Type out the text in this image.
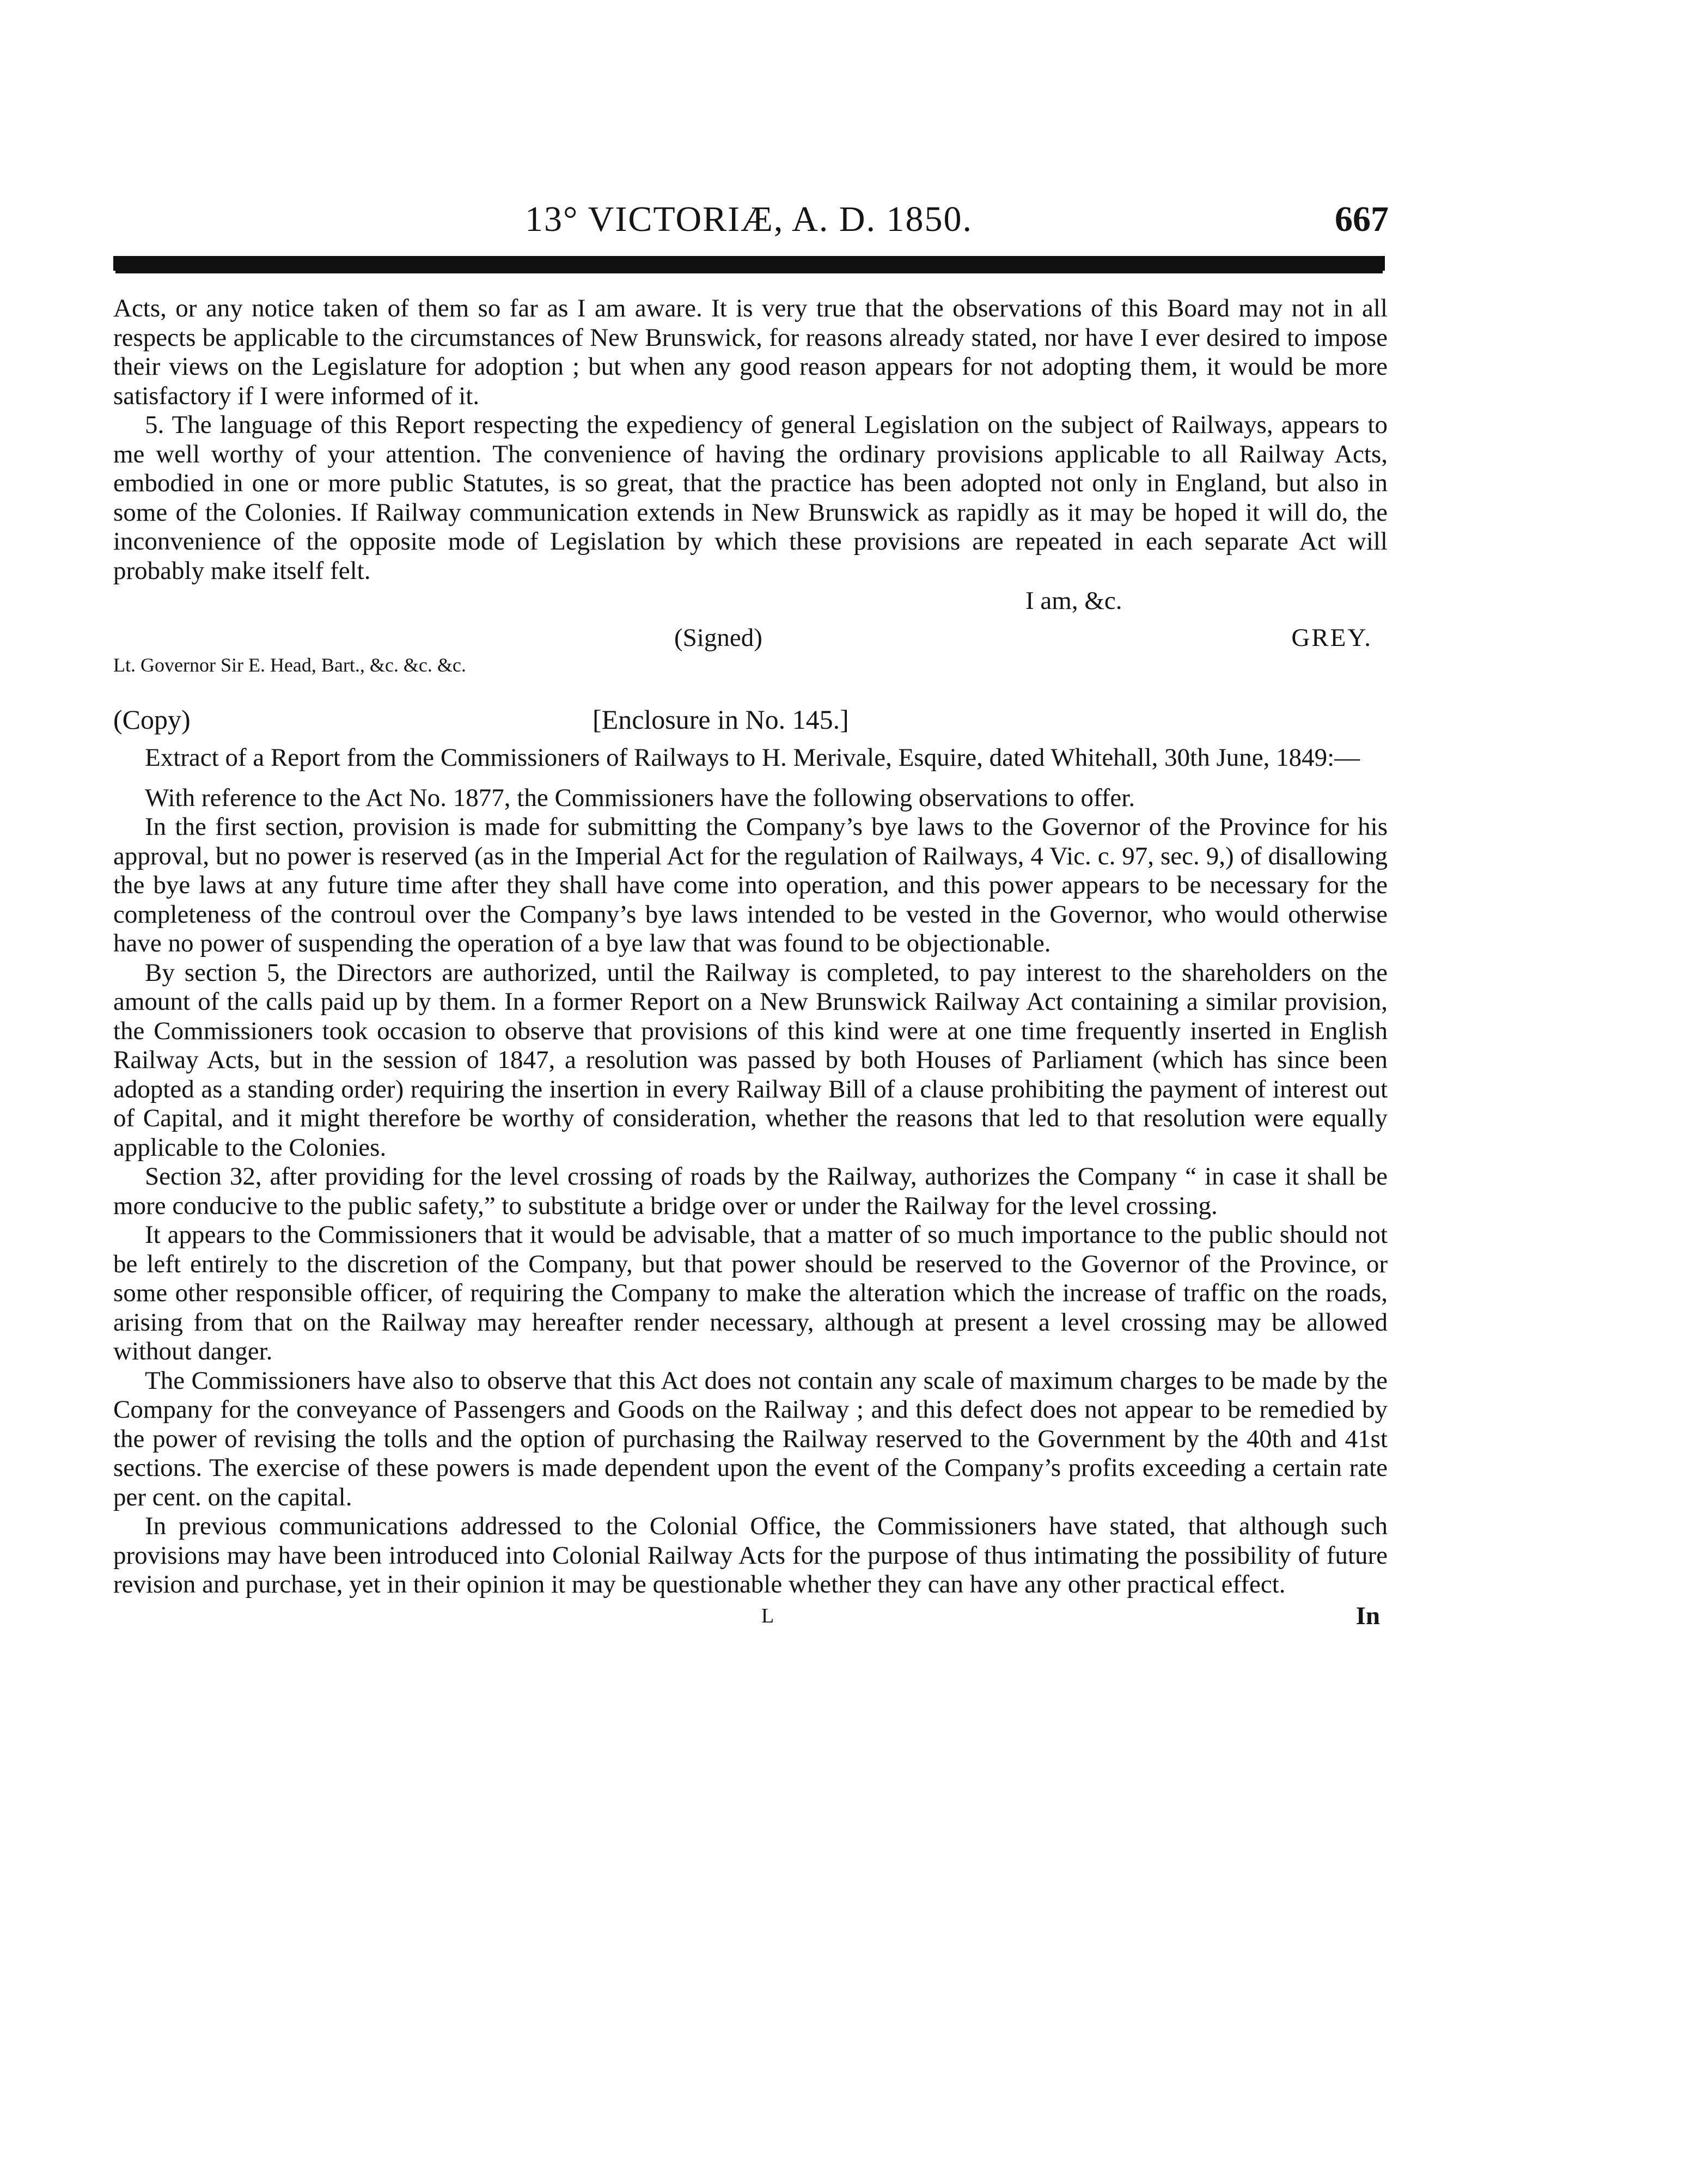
13° VICTORIÆ, A. D. 1850.	667

Acts, or any notice taken of them so far as I am aware. It is very true that the observations of this Board may not in all respects be applicable to the circumstances of New Brunswick, for reasons already stated, nor have I ever desired to impose their views on the Legislature for adoption ; but when any good reason appears for not adopting them, it would be more satisfactory if I were informed of it.

5. The language of this Report respecting the expediency of general Legislation on the subject of Railways, appears to me well worthy of your attention. The convenience of having the ordinary provisions applicable to all Railway Acts, embodied in one or more public Statutes, is so great, that the practice has been adopted not only in England, but also in some of the Colonies. If Railway communication extends in New Brunswick as rapidly as it may be hoped it will do, the inconvenience of the opposite mode of Legislation by which these provisions are repeated in each separate Act will probably make itself felt.

I am, &c.
(Signed)	GREY.
Lt. Governor Sir E. Head, Bart., &c. &c. &c.
(Copy)	[Enclosure in No. 145.]

Extract of a Report from the Commissioners of Railways to H. Merivale, Esquire, dated Whitehall, 30th June, 1849:—

With reference to the Act No. 1877, the Commissioners have the following observations to offer.

In the first section, provision is made for submitting the Company’s bye laws to the Governor of the Province for his approval, but no power is reserved (as in the Imperial Act for the regulation of Railways, 4 Vic. c. 97, sec. 9,) of disallowing the bye laws at any future time after they shall have come into operation, and this power appears to be necessary for the completeness of the controul over the Company’s bye laws intended to be vested in the Governor, who would otherwise have no power of suspending the operation of a bye law that was found to be objectionable.

By section 5, the Directors are authorized, until the Railway is completed, to pay interest to the shareholders on the amount of the calls paid up by them. In a former Report on a New Brunswick Railway Act containing a similar provision, the Commissioners took occasion to observe that provisions of this kind were at one time frequently inserted in English Railway Acts, but in the session of 1847, a resolution was passed by both Houses of Parliament (which has since been adopted as a standing order) requiring the insertion in every Railway Bill of a clause prohibiting the payment of interest out of Capital, and it might therefore be worthy of consideration, whether the reasons that led to that resolution were equally applicable to the Colonies.

Section 32, after providing for the level crossing of roads by the Railway, authorizes the Company “ in case it shall be more conducive to the public safety,” to substitute a bridge over or under the Railway for the level crossing.

It appears to the Commissioners that it would be advisable, that a matter of so much importance to the public should not be left entirely to the discretion of the Company, but that power should be reserved to the Governor of the Province, or some other responsible officer, of requiring the Company to make the alteration which the increase of traffic on the roads, arising from that on the Railway may hereafter render necessary, although at present a level crossing may be allowed without danger.

The Commissioners have also to observe that this Act does not contain any scale of maximum charges to be made by the Company for the conveyance of Passengers and Goods on the Railway ; and this defect does not appear to be remedied by the power of revising the tolls and the option of purchasing the Railway reserved to the Government by the 40th and 41st sections. The exercise of these powers is made dependent upon the event of the Company’s profits exceeding a certain rate per cent. on the capital.

In previous communications addressed to the Colonial Office, the Commissioners have stated, that although such provisions may have been introduced into Colonial Railway Acts for the purpose of thus intimating the possibility of future revision and purchase, yet in their opinion it may be questionable whether they can have any other practical effect.

L	In
